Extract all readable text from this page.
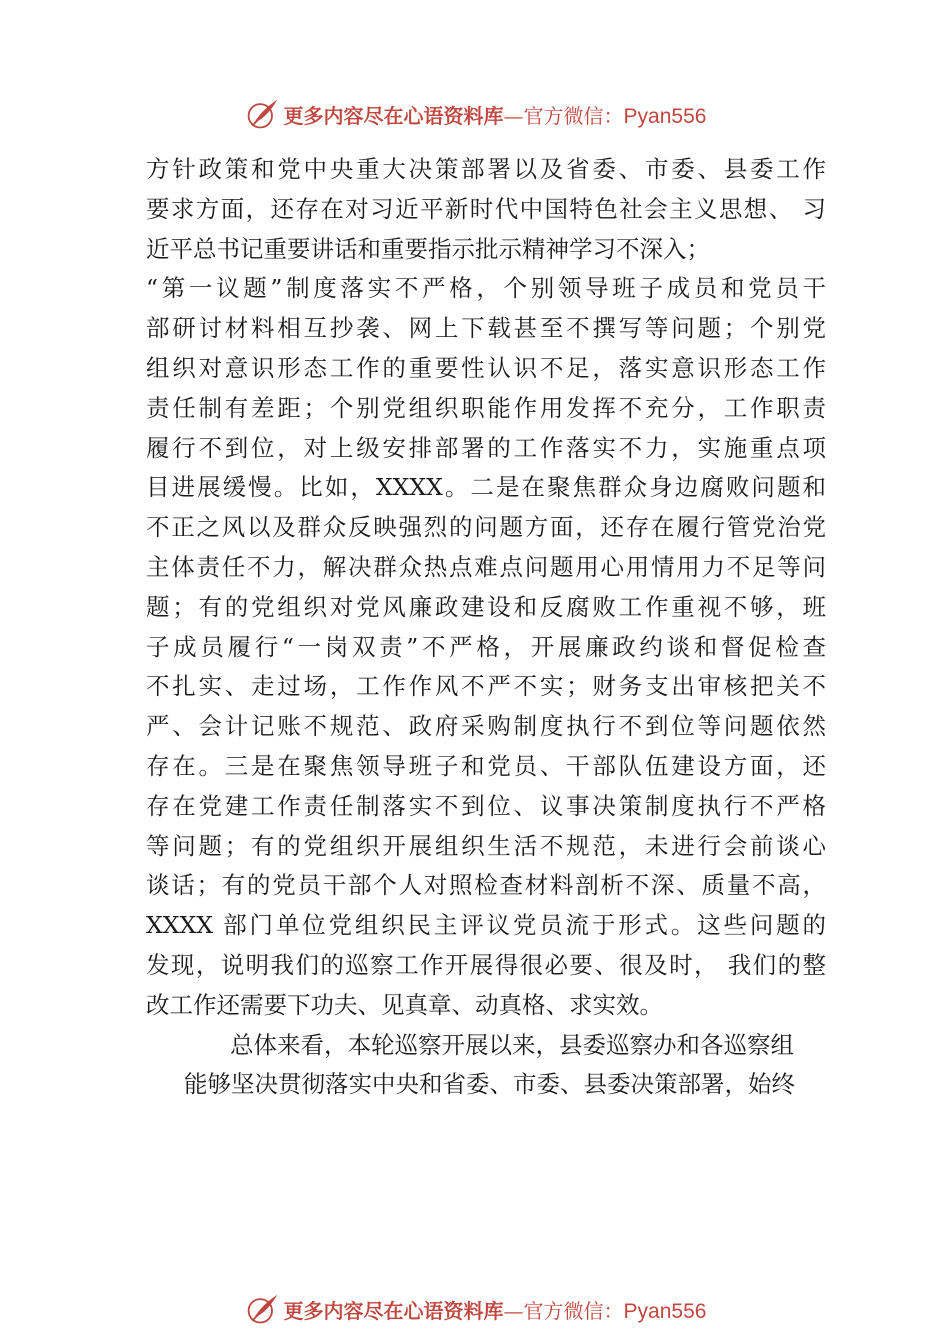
更多内容尽在心语资料库—官方微信：Pyan556
方针政策和党中央重大决策部署以及省委、市委、县委工作
要求方面，还存在对习近平新时代中国特色社会主义思想、 习
近平总书记重要讲话和重要指示批示精神学习不深入；
“第一议题”制度落实不严格，个别领导班子成员和党员干
部研讨材料相互抄袭、网上下载甚至不撰写等问题；个别党
组织对意识形态工作的重要性认识不足，落实意识形态工作
责任制有差距；个别党组织职能作用发挥不充分，工作职责
履行不到位，对上级安排部署的工作落实不力，实施重点项
目进展缓慢。比如，XXXX。二是在聚焦群众身边腐败问题和
不正之风以及群众反映强烈的问题方面，还存在履行管党治党
主体责任不力，解决群众热点难点问题用心用情用力不足等问
题；有的党组织对党风廉政建设和反腐败工作重视不够，班
子成员履行“一岗双责”不严格，开展廉政约谈和督促检查
不扎实、走过场，工作作风不严不实；财务支出审核把关不
严、会计记账不规范、政府采购制度执行不到位等问题依然
存在。三是在聚焦领导班子和党员、干部队伍建设方面，还
存在党建工作责任制落实不到位、议事决策制度执行不严格
等问题；有的党组织开展组织生活不规范，未进行会前谈心
谈话；有的党员干部个人对照检查材料剖析不深、质量不高，
XXXX 部门单位党组织民主评议党员流于形式。这些问题的
发现，说明我们的巡察工作开展得很必要、很及时， 我们的整
改工作还需要下功夫、见真章、动真格、求实效。
总体来看，本轮巡察开展以来，县委巡察办和各巡察组
能够坚决贯彻落实中央和省委、市委、县委决策部署，始终
更多内容尽在心语资料库—官方微信：Pyan556
